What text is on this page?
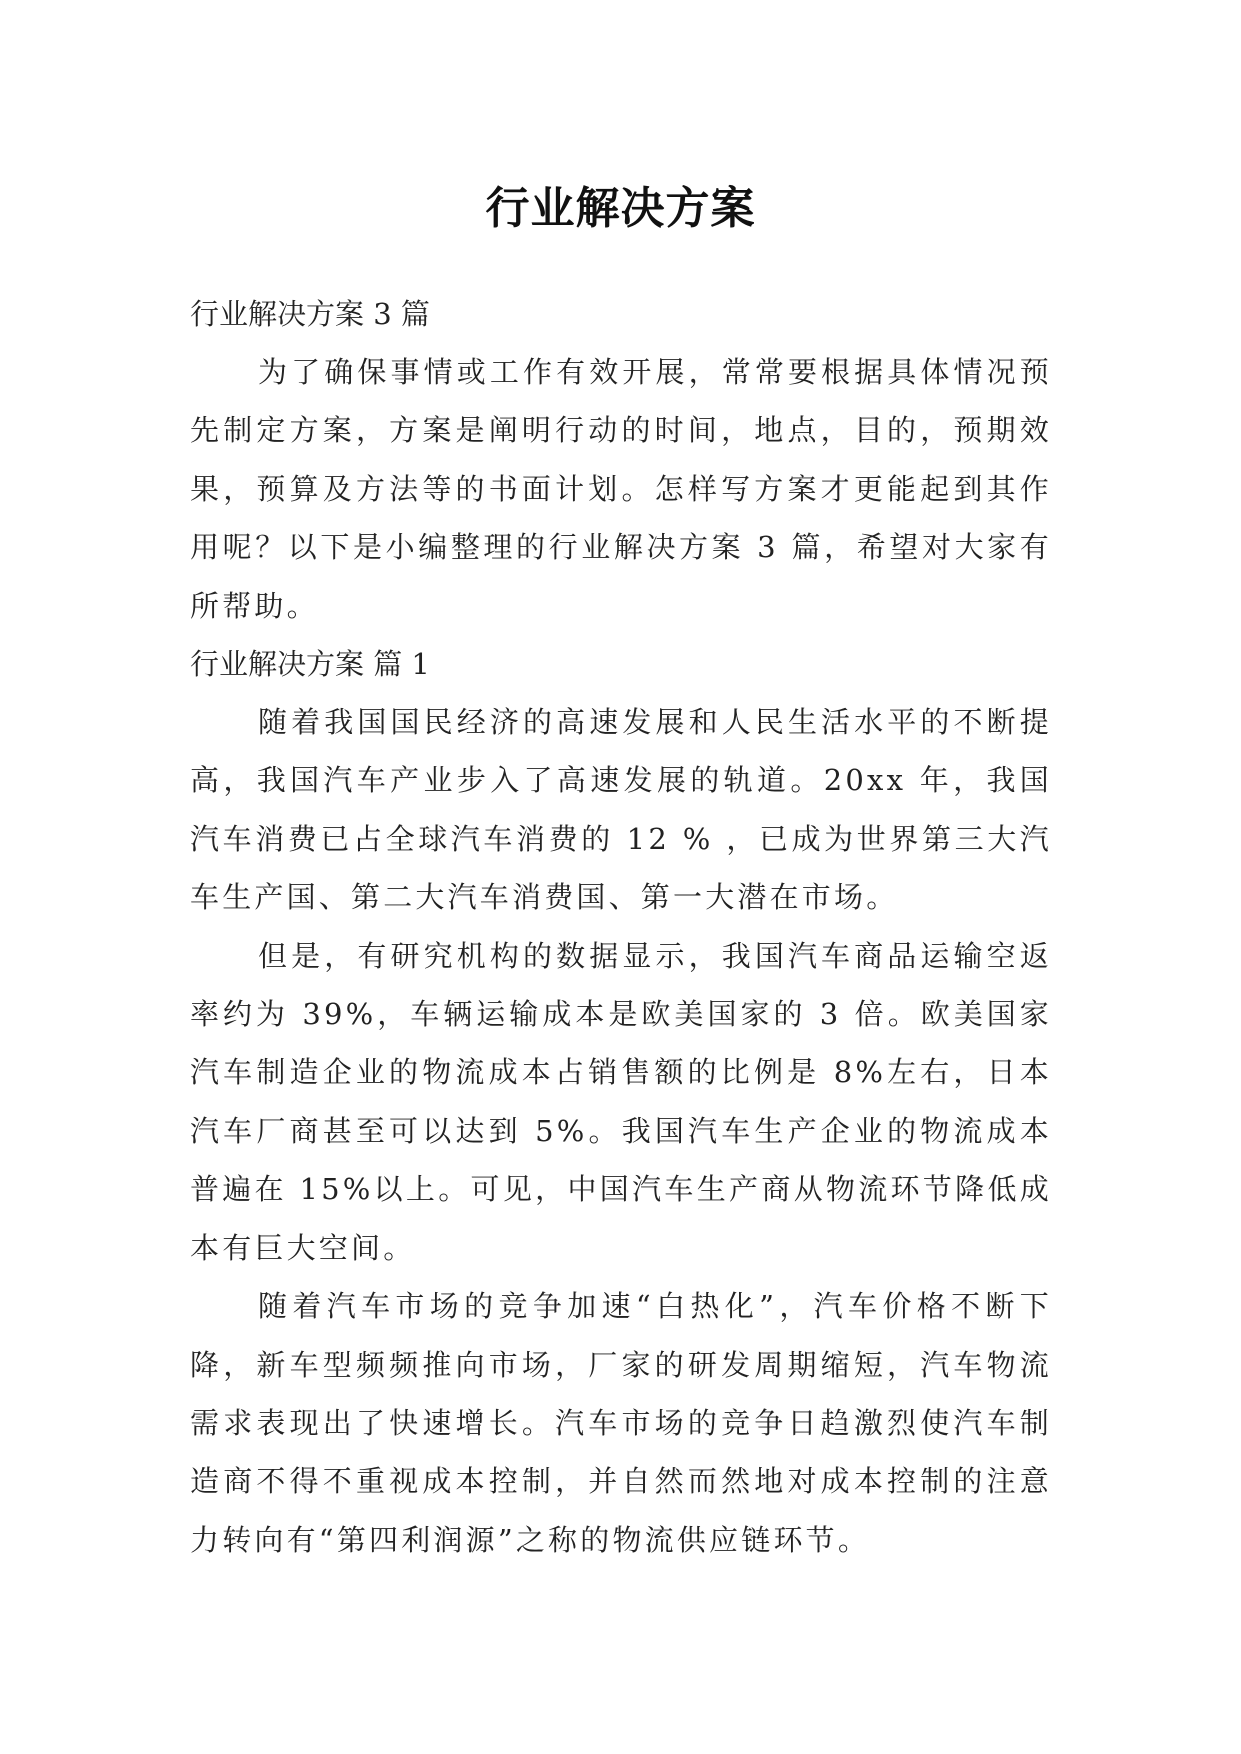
行业解决方案

行业解决方案 3 篇

为了确保事情或工作有效开展，常常要根据具体情况预先制定方案，方案是阐明行动的时间，地点，目的，预期效果，预算及方法等的书面计划。怎样写方案才更能起到其作用呢？以下是小编整理的行业解决方案 3 篇，希望对大家有所帮助。

行业解决方案 篇 1

随着我国国民经济的高速发展和人民生活水平的不断提高，我国汽车产业步入了高速发展的轨道。20xx 年，我国汽车消费已占全球汽车消费的 12 % ，已成为世界第三大汽车生产国、第二大汽车消费国、第一大潜在市场。

但是，有研究机构的数据显示，我国汽车商品运输空返率约为 39%，车辆运输成本是欧美国家的 3 倍。欧美国家汽车制造企业的物流成本占销售额的比例是 8%左右，日本汽车厂商甚至可以达到 5%。我国汽车生产企业的物流成本普遍在 15%以上。可见，中国汽车生产商从物流环节降低成本有巨大空间。

随着汽车市场的竞争加速“白热化”，汽车价格不断下降，新车型频频推向市场，厂家的研发周期缩短，汽车物流需求表现出了快速增长。汽车市场的竞争日趋激烈使汽车制造商不得不重视成本控制，并自然而然地对成本控制的注意力转向有“第四利润源”之称的物流供应链环节。
